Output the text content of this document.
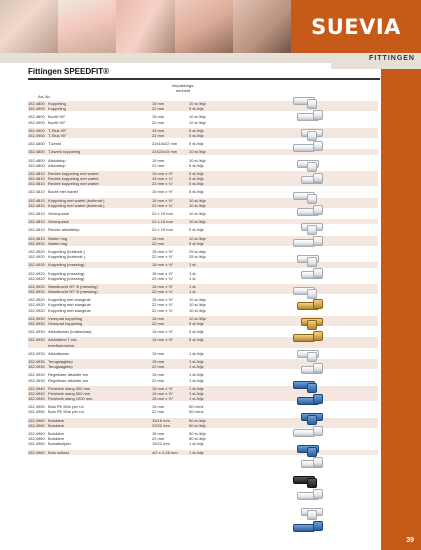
SUEVIA
FITTINGEN
Fittingen SPEEDFIT®
Art.-Nr.
Verpakkings-
eenheid
152.4800 Koppeling	15 mm	10 st./bijz
152.4900 Koppeling	22 mm	5 st./bijz
152.4800 Bocht 90°	15 mm	10 st./bijz
152.4900 Bocht 90°	22 mm	10 st./bijz
152.4900 T-Stuk 90°	15 mm	5 st./bijz
152.4900 T-Stuk 90°	22 mm	5 st./bijz
152.4800 T-kenkt	22x15x22 mm	5 st./bijz
152.4800 T-kwerk koppeling	22x22x15 mm	10 st./bijz
152.4800 Afsluitdop	15 mm	10 st./bijz
152.4800 Afsluitdop	22 mm	5 st./bijz
152.4810 Rechte koppeling met wartel	15 mm x ½"	5 st./bijz
152.4810 Rechte koppeling met wartel	15 mm x ¾"	5 st./bijz
152.4810 Rechte koppeling met wartel	22 mm x ¾"	5 st./bijz
152.4810 Bocht met wartel	15 mm x ½"	5 st./bijz
152.4810 Koppeling met wartel (buitendr.)	15 mm x ½"	10 st./bijz
152.4810 Koppeling met wartel (buitendr.)	22 mm x ¾"	10 st./bijz
152.4810 Verloopstuk	22 x 15 mm	10 st./bijz
152.4810 Verloopstuk	22 x 15 mm	10 st./bijz
152.4810 Rechte afsluitklep	22 x 15 mm	5 st./bijz
152.4810 Wartel ring	15 mm	10 st./bijz
152.4920 Wartel ring	22 mm	5 st./bijz
152.4920 Koppeling (buitendr.)	15 mm x ½"	25 st./bijz
152.4920 Koppeling (buitendr.)	22 mm x ¾"	25 st./bijz
152.4920 Koppeling (messing)	15 mm x ½"	1 st.
152.4920 Koppeling (messing)	15 mm x ½"	1 st.
152.4920 Koppeling (messing)	22 mm x ¾"	1 st.
152.4920 Wandbocht 90° B (messing)	15 mm x ½"	1 st.
152.4920 Wandbocht 90° B (messing)	22 mm x ¾"	1 st.
152.4920 Koppeling met slangtule	15 mm x ½"	10 st./bijz
152.4920 Koppeling met slangtule	22 mm x ¾"	10 st./bijz
152.4920 Koppeling met slangtule	22 mm x ¾"	10 st./bijz
152.4930 Vloerpad koppeling	15 mm	10 st./bijz
152.4930 Vloerpad koppeling	22 mm	5 st./bijz
152.4930 Afsluitkraan (buitendraa)	15 mm x ½"	5 st./bijz
152.4930 Afsluitdeel T-mit-	15 mm x ½"	5 st./bijz
meeftutenwind
152.4930 Afsluitkraan	15 mm	1 st./bijz
152.4930 Terugslagklep	15 mm	1 st./bijz
152.4930 Terugslagklep	22 mm	1 st./bijz
152.4930 Regelbare afsluiter sm	15 mm	1 st./bijz
152.4930 Regelbare afsluiter sm	22 mm	1 st./bijz
152.4940 Flexibele slang 300 mm	15 mm x ½"	1 st./bijz
152.4940 Flexibele slang 500 mm	15 mm x ½"	1 st./bijz
152.4940 Flexibele slang 1000 mm	15 mm x ½"	1 st./bijz
152.4950 Buis PE 50m per rol	15 mm	50 m/rol
152.4950 Buis PE 50m per rol	22 mm	50 m/rol
152.4960 Buisklem	15/16 mm	50 st./bijz
152.4960 Buisklem	23/22 mm	50 st./bijz
152.4960 Buisklem	15 mm	50 st./bijz
152.4960 Buisklem	22 mm	50 st./bijz
152.4960 Buisafsnijder	15/22 mm	1 st./bijz
152.4960 Buis ontlast	4/2 x 4-28 mm	1 st./bijz
39
